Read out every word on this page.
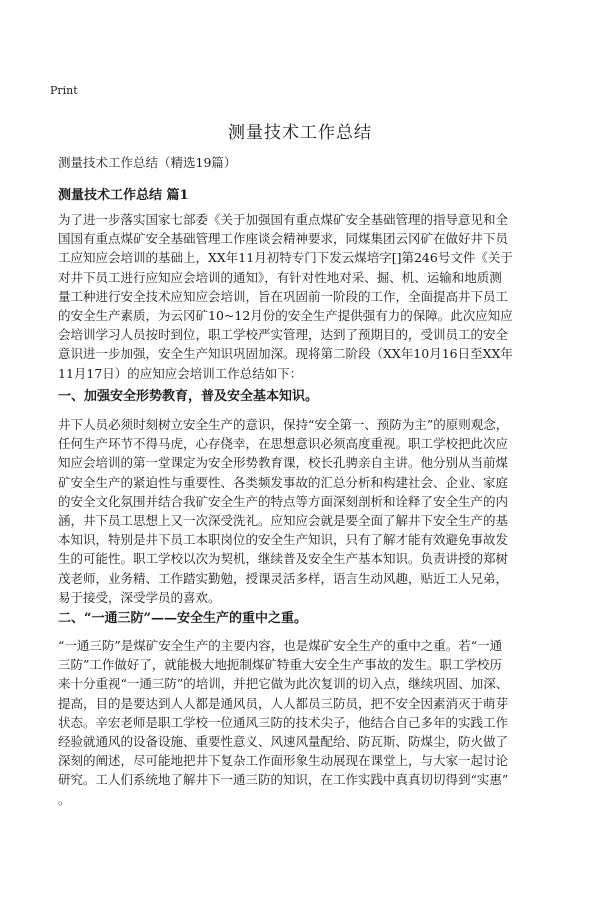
Print
测量技术工作总结
测量技术工作总结（精选19篇）
测量技术工作总结 篇1
为了进一步落实国家七部委《关于加强国有重点煤矿安全基础管理的指导意见和全
国国有重点煤矿安全基础管理工作座谈会精神要求，同煤集团云冈矿在做好井下员
工应知应会培训的基础上，XX年11月初特专门下发云煤培字[]第246号文件《关于
对井下员工进行应知应会培训的通知》，有针对性地对采、掘、机、运输和地质测
量工种进行安全技术应知应会培训，旨在巩固前一阶段的工作，全面提高井下员工
的安全生产素质，为云冈矿10~12月份的安全生产提供强有力的保障。此次应知应
会培训学习人员按时到位，职工学校严实管理，达到了预期目的，受训员工的安全
意识进一步加强，安全生产知识巩固加深。现将第二阶段（XX年10月16日至XX年
11月17日）的应知应会培训工作总结如下：
一、加强安全形势教育，普及安全基本知识。
井下人员必须时刻树立安全生产的意识，保持“安全第一、预防为主”的原则观念，
任何生产环节不得马虎，心存侥幸，在思想意识必须高度重视。职工学校把此次应
知应会培训的第一堂课定为安全形势教育课，校长孔骋亲自主讲。他分别从当前煤
矿安全生产的紧迫性与重要性、各类频发事故的汇总分析和构建社会、企业、家庭
的安全文化氛围并结合我矿安全生产的特点等方面深刻剖析和诠释了安全生产的内
涵，井下员工思想上又一次深受洗礼。应知应会就是要全面了解井下安全生产的基
本知识，特别是井下员工本职岗位的安全生产知识，只有了解才能有效避免事故发
生的可能性。职工学校以次为契机，继续普及安全生产基本知识。负责讲授的郑树
茂老师，业务精、工作踏实勤勉，授课灵活多样，语言生动风趣，贴近工人兄弟，
易于接受，深受学员的喜欢。
二、“一通三防”——安全生产的重中之重。
“一通三防”是煤矿安全生产的主要内容，也是煤矿安全生产的重中之重。若“一通
三防”工作做好了，就能极大地扼制煤矿特重大安全生产事故的发生。职工学校历
来十分重视“一通三防”的培训，并把它做为此次复训的切入点，继续巩固、加深、
提高，目的是要达到人人都是通风员，人人都员三防员，把不安全因素消灭于萌芽
状态。辛宏老师是职工学校一位通风三防的技术尖子，他结合自己多年的实践工作
经验就通风的设备设施、重要性意义、风速风量配给、防瓦斯、防煤尘，防火做了
深刻的阐述，尽可能地把井下复杂工作面形象生动展现在课堂上，与大家一起讨论
研究。工人们系统地了解井下一通三防的知识，在工作实践中真真切切得到“实惠”
。
